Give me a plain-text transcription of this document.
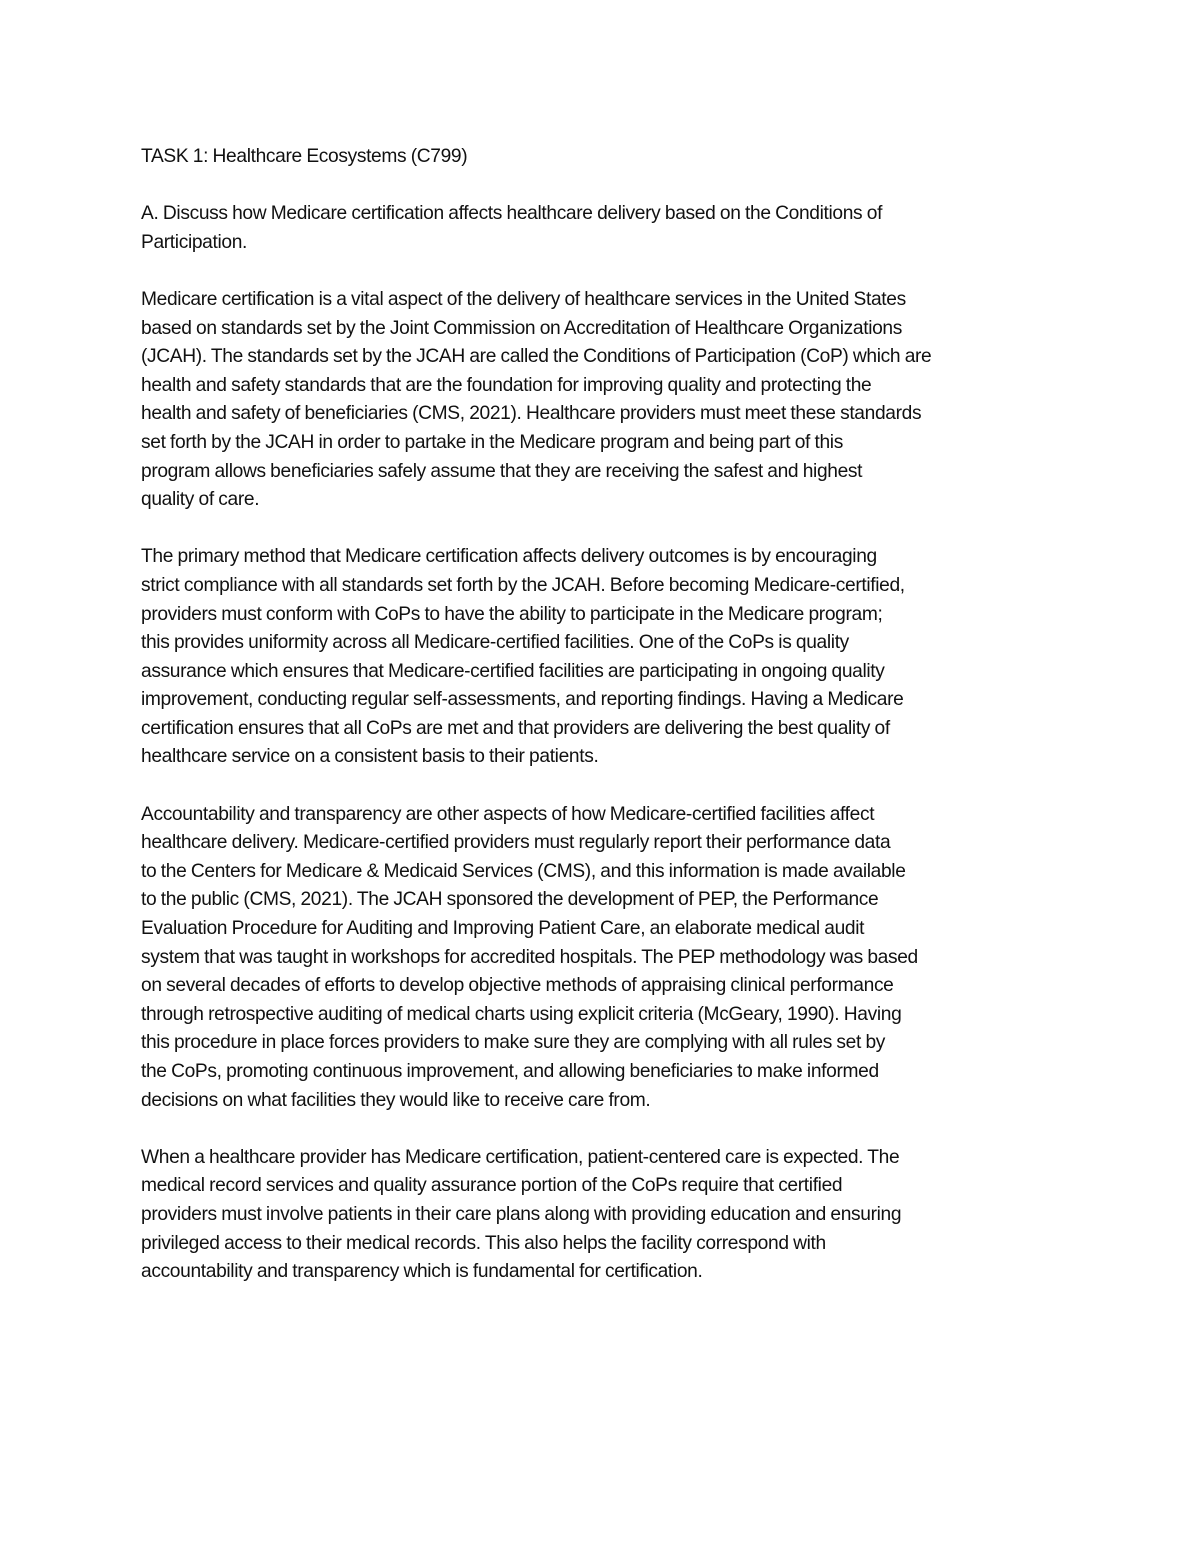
TASK 1: Healthcare Ecosystems (C799)
A. Discuss how Medicare certification affects healthcare delivery based on the Conditions of
Participation.
Medicare certification is a vital aspect of the delivery of healthcare services in the United States
based on standards set by the Joint Commission on Accreditation of Healthcare Organizations
(JCAH). The standards set by the JCAH are called the Conditions of Participation (CoP) which are
health and safety standards that are the foundation for improving quality and protecting the
health and safety of beneficiaries (CMS, 2021). Healthcare providers must meet these standards
set forth by the JCAH in order to partake in the Medicare program and being part of this
program allows beneficiaries safely assume that they are receiving the safest and highest
quality of care.
The primary method that Medicare certification affects delivery outcomes is by encouraging
strict compliance with all standards set forth by the JCAH. Before becoming Medicare-certified,
providers must conform with CoPs to have the ability to participate in the Medicare program;
this provides uniformity across all Medicare-certified facilities. One of the CoPs is quality
assurance which ensures that Medicare-certified facilities are participating in ongoing quality
improvement, conducting regular self-assessments, and reporting findings. Having a Medicare
certification ensures that all CoPs are met and that providers are delivering the best quality of
healthcare service on a consistent basis to their patients.
Accountability and transparency are other aspects of how Medicare-certified facilities affect
healthcare delivery. Medicare-certified providers must regularly report their performance data
to the Centers for Medicare & Medicaid Services (CMS), and this information is made available
to the public (CMS, 2021). The JCAH sponsored the development of PEP, the Performance
Evaluation Procedure for Auditing and Improving Patient Care, an elaborate medical audit
system that was taught in workshops for accredited hospitals. The PEP methodology was based
on several decades of efforts to develop objective methods of appraising clinical performance
through retrospective auditing of medical charts using explicit criteria (McGeary, 1990). Having
this procedure in place forces providers to make sure they are complying with all rules set by
the CoPs, promoting continuous improvement, and allowing beneficiaries to make informed
decisions on what facilities they would like to receive care from.
When a healthcare provider has Medicare certification, patient-centered care is expected. The
medical record services and quality assurance portion of the CoPs require that certified
providers must involve patients in their care plans along with providing education and ensuring
privileged access to their medical records. This also helps the facility correspond with
accountability and transparency which is fundamental for certification.
